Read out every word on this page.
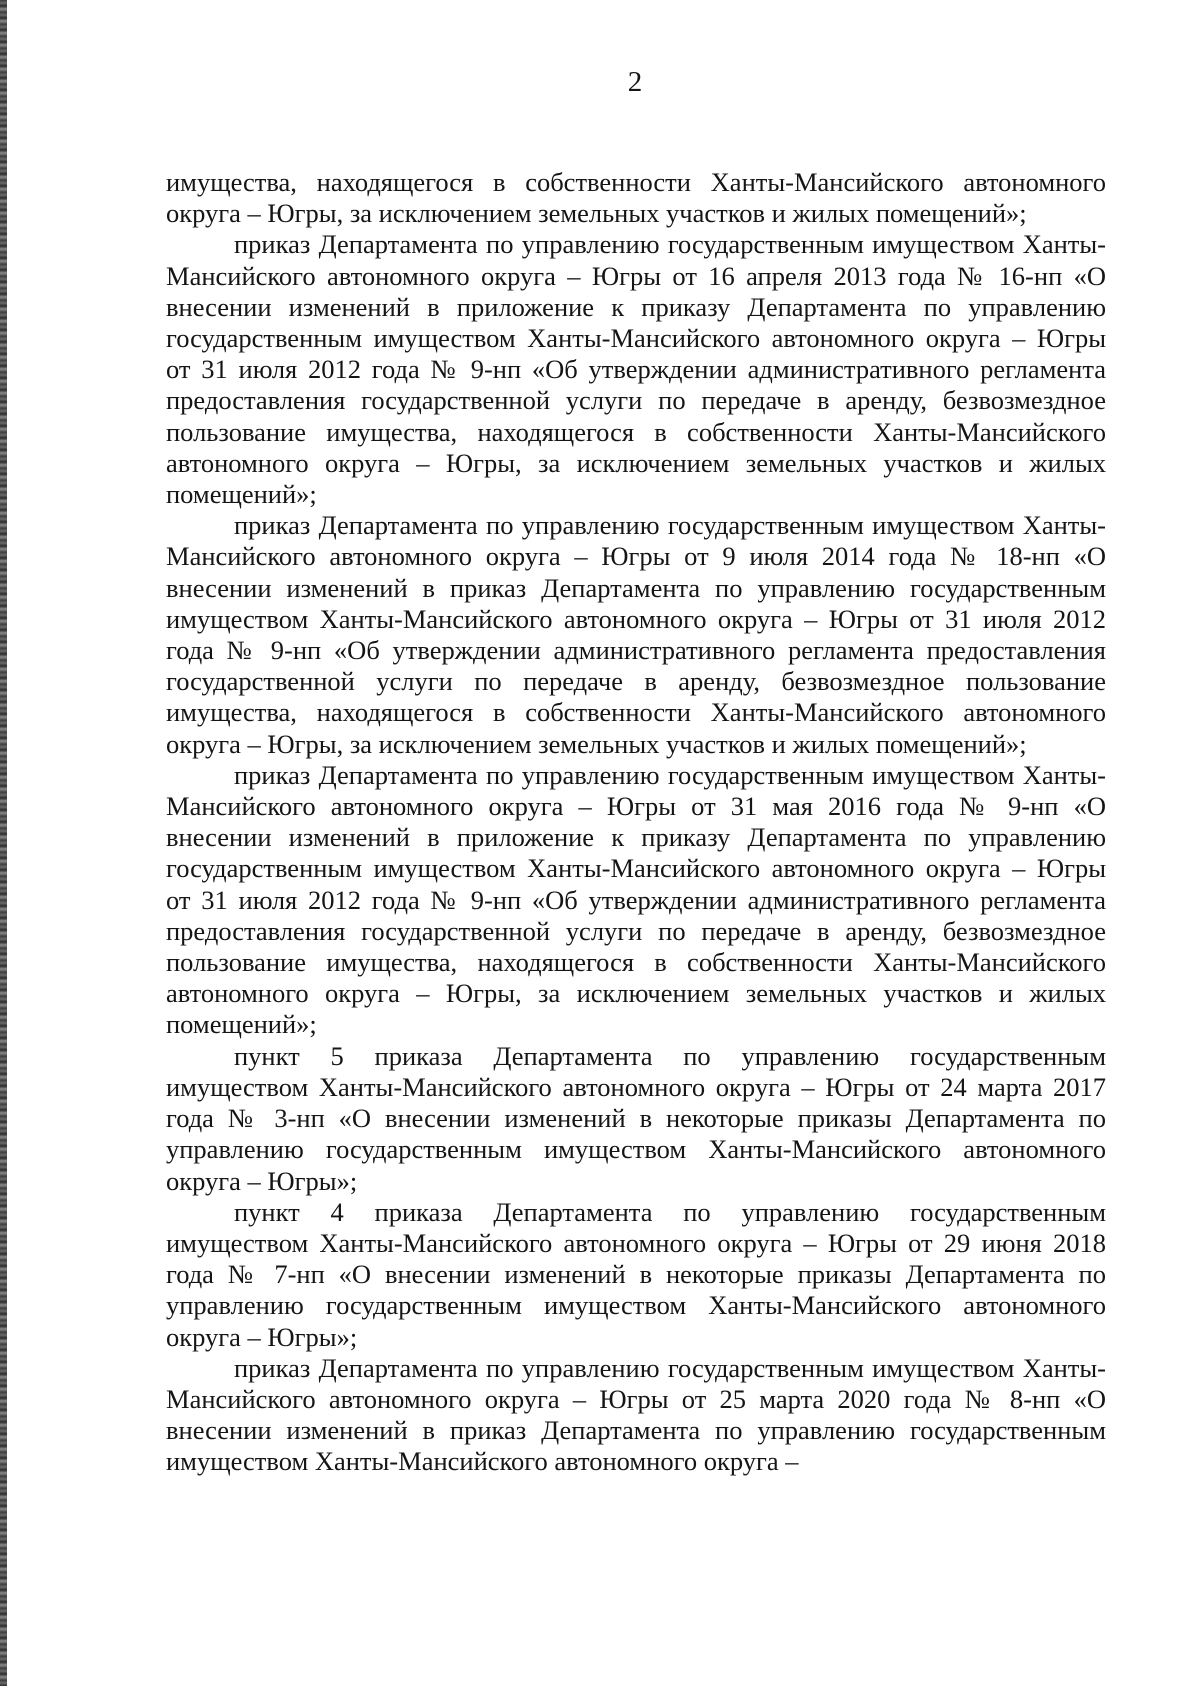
2

имущества, находящегося в собственности Ханты-Мансийского автономного округа – Югры, за исключением земельных участков и жилых помещений»;

приказ Департамента по управлению государственным имуществом Ханты-Мансийского автономного округа – Югры от 16 апреля 2013 года № 16-нп «О внесении изменений в приложение к приказу Департамента по управлению государственным имуществом Ханты-Мансийского автономного округа – Югры от 31 июля 2012 года № 9-нп «Об утверждении административного регламента предоставления государственной услуги по передаче в аренду, безвозмездное пользование имущества, находящегося в собственности Ханты-Мансийского автономного округа – Югры, за исключением земельных участков и жилых помещений»;

приказ Департамента по управлению государственным имуществом Ханты-Мансийского автономного округа – Югры от 9 июля 2014 года № 18-нп «О внесении изменений в приказ Департамента по управлению государственным имуществом Ханты-Мансийского автономного округа – Югры от 31 июля 2012 года № 9-нп «Об утверждении административного регламента предоставления государственной услуги по передаче в аренду, безвозмездное пользование имущества, находящегося в собственности Ханты-Мансийского автономного округа – Югры, за исключением земельных участков и жилых помещений»;

приказ Департамента по управлению государственным имуществом Ханты-Мансийского автономного округа – Югры от 31 мая 2016 года № 9-нп «О внесении изменений в приложение к приказу Департамента по управлению государственным имуществом Ханты-Мансийского автономного округа – Югры от 31 июля 2012 года № 9-нп «Об утверждении административного регламента предоставления государственной услуги по передаче в аренду, безвозмездное пользование имущества, находящегося в собственности Ханты-Мансийского автономного округа – Югры, за исключением земельных участков и жилых помещений»;

пункт 5 приказа Департамента по управлению государственным имуществом Ханты-Мансийского автономного округа – Югры от 24 марта 2017 года № 3-нп «О внесении изменений в некоторые приказы Департамента по управлению государственным имуществом Ханты-Мансийского автономного округа – Югры»;

пункт 4 приказа Департамента по управлению государственным имуществом Ханты-Мансийского автономного округа – Югры от 29 июня 2018 года № 7-нп «О внесении изменений в некоторые приказы Департамента по управлению государственным имуществом Ханты-Мансийского автономного округа – Югры»;

приказ Департамента по управлению государственным имуществом Ханты-Мансийского автономного округа – Югры от 25 марта 2020 года № 8-нп «О внесении изменений в приказ Департамента по управлению государственным имуществом Ханты-Мансийского автономного округа –
